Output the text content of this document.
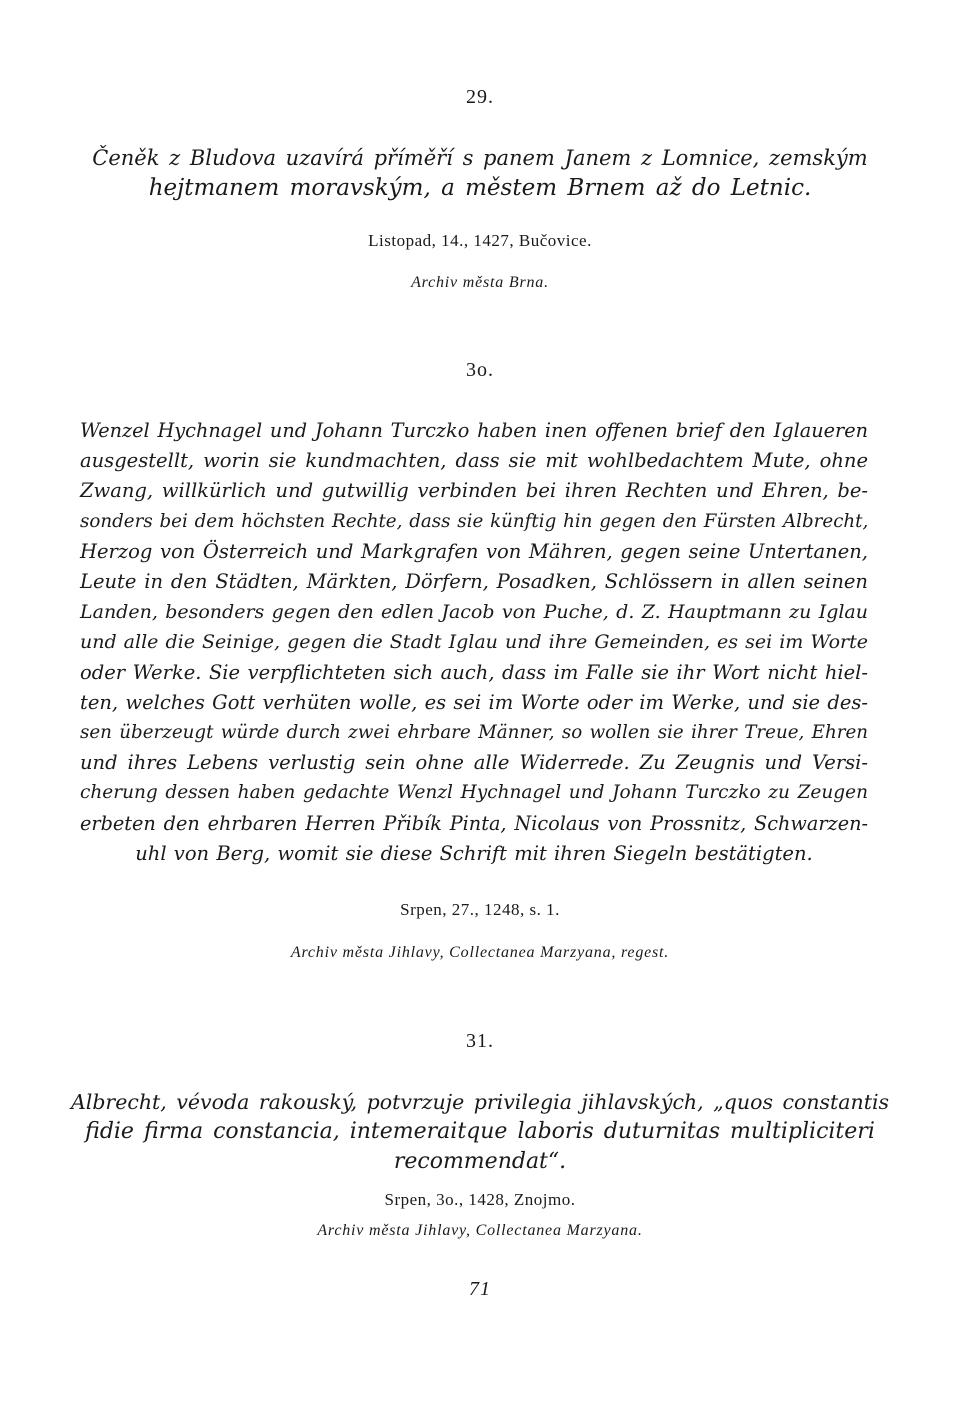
29.
Čeněk z Bludova uzavírá příměří s panem Janem z Lomnice, zemským
hejtmanem moravským, a městem Brnem až do Letnic.
Listopad, 14., 1427, Bučovice.
Archiv města Brna.
3o.
Wenzel Hychnagel und Johann Turczko haben inen offenen brief den Iglaueren
ausgestellt, worin sie kundmachten, dass sie mit wohlbedachtem Mute, ohne
Zwang, willkürlich und gutwillig verbinden bei ihren Rechten und Ehren, be-
sonders bei dem höchsten Rechte, dass sie künftig hin gegen den Fürsten Albrecht,
Herzog von Österreich und Markgrafen von Mähren, gegen seine Untertanen,
Leute in den Städten, Märkten, Dörfern, Posadken, Schlössern in allen seinen
Landen, besonders gegen den edlen Jacob von Puche, d. Z. Hauptmann zu Iglau
und alle die Seinige, gegen die Stadt Iglau und ihre Gemeinden, es sei im Worte
oder Werke. Sie verpflichteten sich auch, dass im Falle sie ihr Wort nicht hiel-
ten, welches Gott verhüten wolle, es sei im Worte oder im Werke, und sie des-
sen überzeugt würde durch zwei ehrbare Männer, so wollen sie ihrer Treue, Ehren
und ihres Lebens verlustig sein ohne alle Widerrede. Zu Zeugnis und Versi-
cherung dessen haben gedachte Wenzl Hychnagel und Johann Turczko zu Zeugen
erbeten den ehrbaren Herren Přibík Pinta, Nicolaus von Prossnitz, Schwarzen-
uhl von Berg, womit sie diese Schrift mit ihren Siegeln bestätigten.
Srpen, 27., 1248, s. 1.
Archiv města Jihlavy, Collectanea Marzyana, regest.
31.
Albrecht, vévoda rakouský, potvrzuje privilegia jihlavských, „quos constantis
fidie firma constancia, intemeraitque laboris duturnitas multipliciteri
recommendat“.
Srpen, 3o., 1428, Znojmo.
Archiv města Jihlavy, Collectanea Marzyana.
71
